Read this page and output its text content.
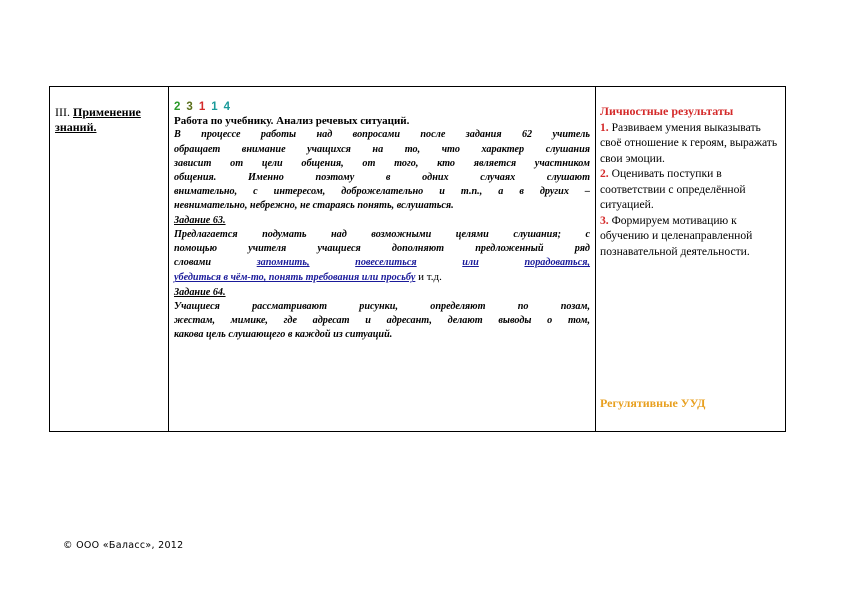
III. Применение знаний.

2 3 1 1 4
Работа по учебнику. Анализ речевых ситуаций.
В процессе работы над вопросами после задания 62 учитель
обращает внимание учащихся на то, что характер слушания
зависит от цели общения, от того, кто является участником
общения. Именно поэтому в одних случаях слушают
внимательно, с интересом, доброжелательно и т.п., а в других –
невнимательно, небрежно, не стараясь понять, вслушаться.
Задание 63.
Предлагается подумать над возможными целями слушания; с
помощью учителя учащиеся дополняют предложенный ряд
словами	запомнить,	повеселиться	или	порадоваться,
убедиться в чём-то, понять требования или просьбу и т.д.
Задание 64.
Учащиеся рассматривают рисунки, определяют по позам,
жестам, мимике, где адресат и адресант, делают выводы о том,
какова цель слушающего в каждой из ситуаций.

Личностные результаты
1. Развиваем умения выказывать своё отношение к героям, выражать свои эмоции.
2. Оценивать поступки в соответствии с определённой ситуацией.
3. Формируем мотивацию к обучению и целенаправленной познавательной деятельности.
Регулятивные УУД
© ООО «Баласс», 2012
